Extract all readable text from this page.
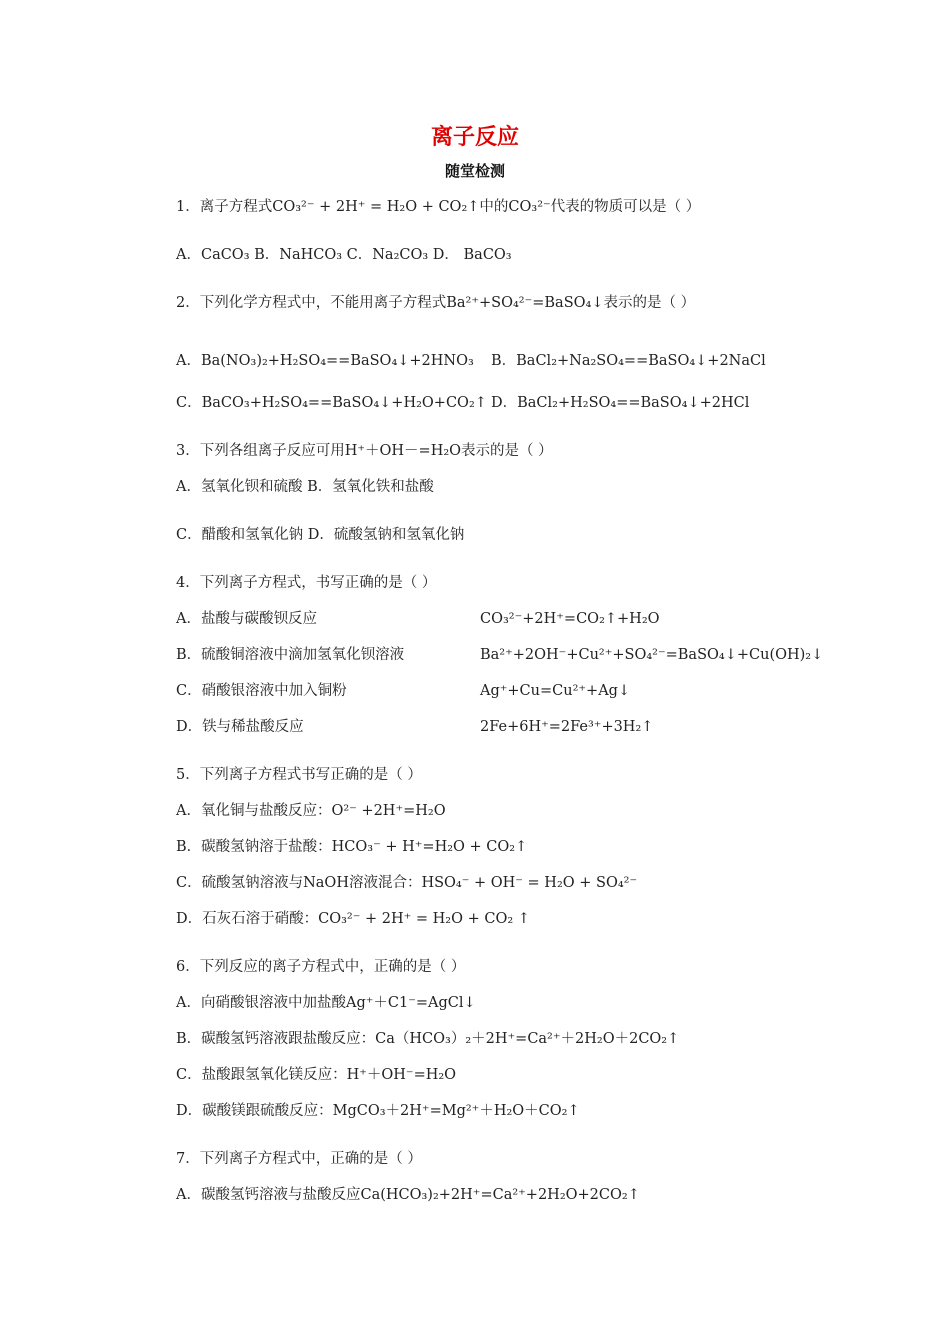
离子反应
随堂检测
1．离子方程式CO₃²⁻ + 2H⁺ = H₂O + CO₂↑中的CO₃²⁻代表的物质可以是（ ）
A．CaCO₃ B．NaHCO₃ C．Na₂CO₃ D． BaCO₃
2．下列化学方程式中，不能用离子方程式Ba²⁺+SO₄²⁻=BaSO₄↓表示的是（ ）
A．Ba(NO₃)₂+H₂SO₄==BaSO₄↓+2HNO₃ B．BaCl₂+Na₂SO₄==BaSO₄↓+2NaCl
C．BaCO₃+H₂SO₄==BaSO₄↓+H₂O+CO₂↑ D．BaCl₂+H₂SO₄==BaSO₄↓+2HCl
3．下列各组离子反应可用H⁺＋OH－=H₂O表示的是（ ）
A．氢氧化钡和硫酸 B．氢氧化铁和盐酸
C．醋酸和氢氧化钠 D．硫酸氢钠和氢氧化钠
4．下列离子方程式，书写正确的是（ ）
A．盐酸与碳酸钡反应	CO₃²⁻+2H⁺=CO₂↑+H₂O
B．硫酸铜溶液中滴加氢氧化钡溶液	Ba²⁺+2OH⁻+Cu²⁺+SO₄²⁻=BaSO₄↓+Cu(OH)₂↓
C．硝酸银溶液中加入铜粉	Ag⁺+Cu=Cu²⁺+Ag↓
D．铁与稀盐酸反应	2Fe+6H⁺=2Fe³⁺+3H₂↑
5．下列离子方程式书写正确的是（ ）
A．氧化铜与盐酸反应：O²⁻ +2H⁺=H₂O
B．碳酸氢钠溶于盐酸：HCO₃⁻ + H⁺=H₂O + CO₂↑
C．硫酸氢钠溶液与NaOH溶液混合：HSO₄⁻ + OH⁻ = H₂O + SO₄²⁻
D．石灰石溶于硝酸：CO₃²⁻ + 2H⁺ = H₂O + CO₂ ↑
6．下列反应的离子方程式中，正确的是（ ）
A．向硝酸银溶液中加盐酸Ag⁺＋C1⁻=AgCl↓
B．碳酸氢钙溶液跟盐酸反应：Ca（HCO₃）₂＋2H⁺=Ca²⁺＋2H₂O＋2CO₂↑
C．盐酸跟氢氧化镁反应：H⁺＋OH⁻=H₂O
D．碳酸镁跟硫酸反应：MgCO₃＋2H⁺=Mg²⁺＋H₂O＋CO₂↑
7．下列离子方程式中，正确的是（ ）
A．碳酸氢钙溶液与盐酸反应Ca(HCO₃)₂+2H⁺=Ca²⁺+2H₂O+2CO₂↑
